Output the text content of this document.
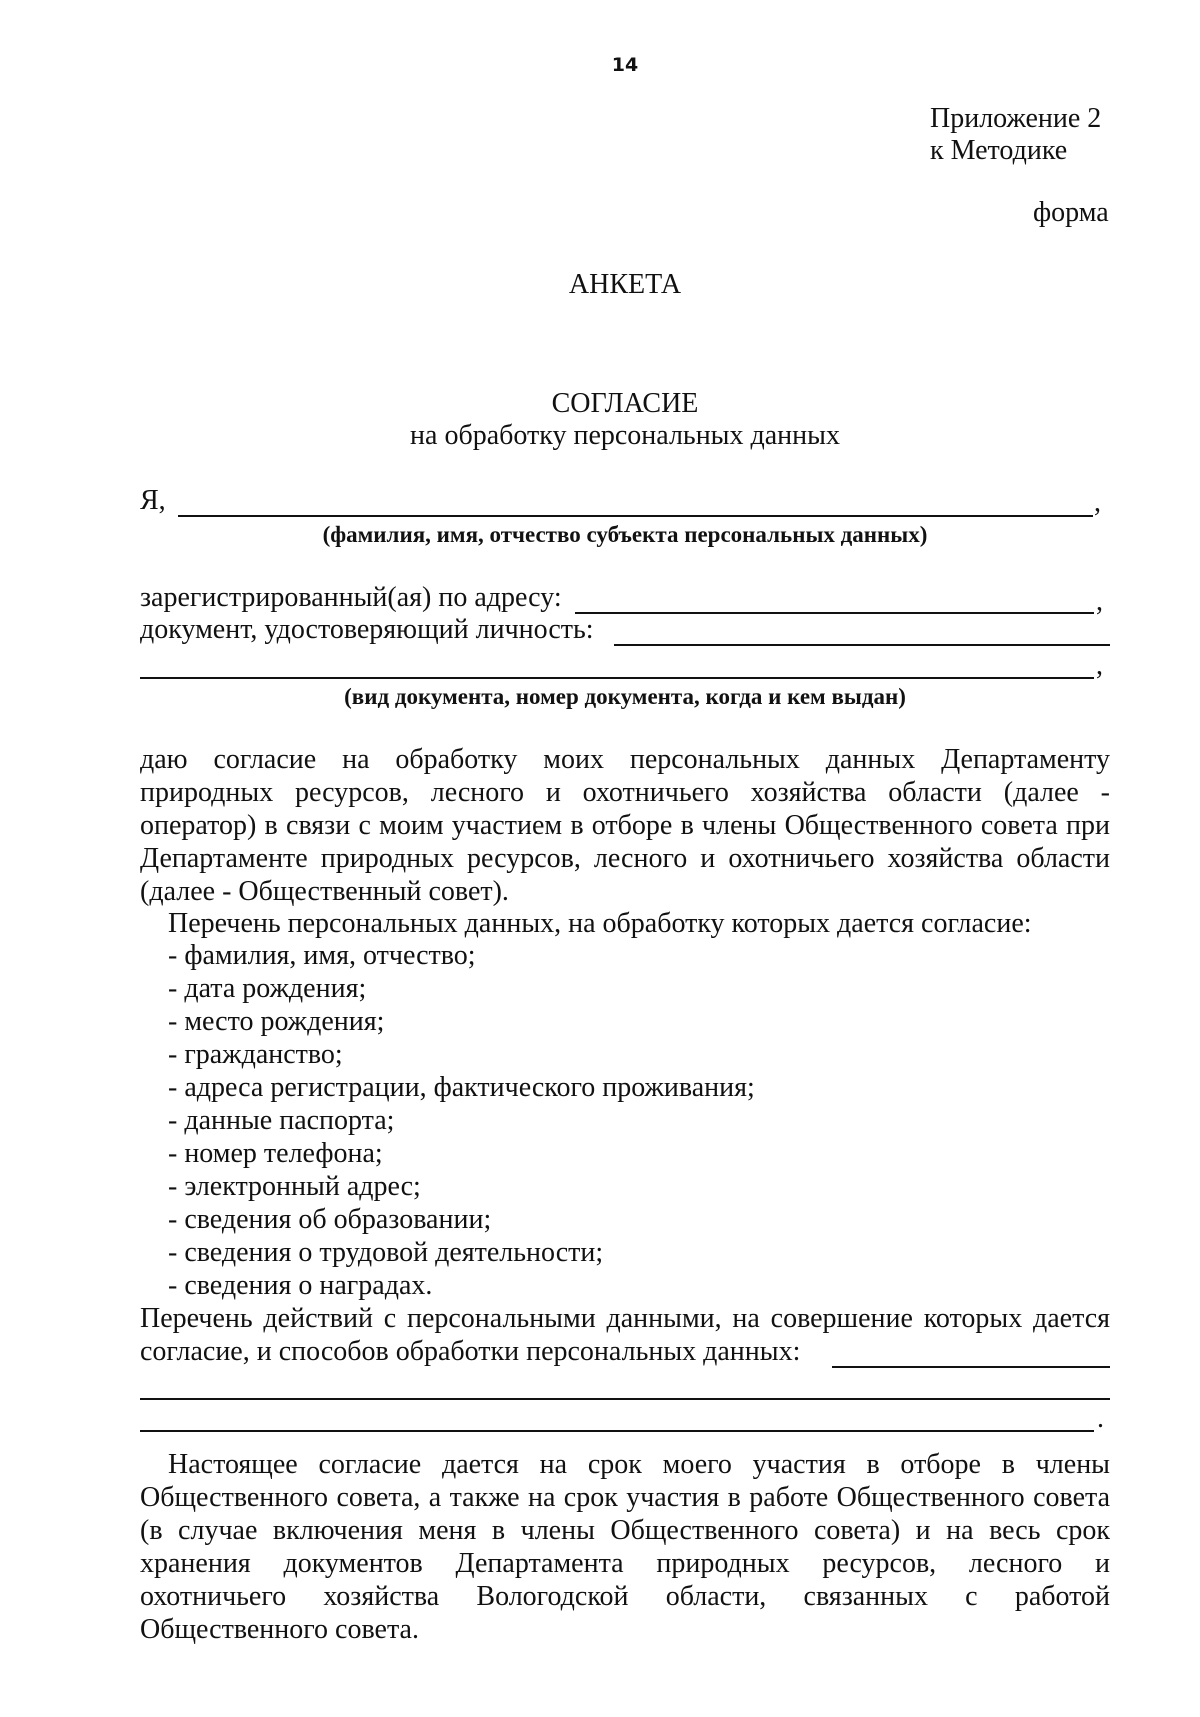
14
Приложение 2
к Методике
форма
АНКЕТА
СОГЛАСИЕ
на обработку персональных данных
Я,	,
(фамилия, имя, отчество субъекта персональных данных)
зарегистрированный(ая) по адресу:	,
документ, удостоверяющий личность:
,
(вид документа, номер документа, когда и кем выдан)
даю согласие на обработку моих персональных данных Департаменту
природных ресурсов, лесного и охотничьего хозяйства области (далее -
оператор) в связи с моим участием в отборе в члены Общественного совета при
Департаменте природных ресурсов, лесного и охотничьего хозяйства области
(далее - Общественный совет).
Перечень персональных данных, на обработку которых дается согласие:
- фамилия, имя, отчество;
- дата рождения;
- место рождения;
- гражданство;
- адреса регистрации, фактического проживания;
- данные паспорта;
- номер телефона;
- электронный адрес;
- сведения об образовании;
- сведения о трудовой деятельности;
- сведения о наградах.
Перечень действий с персональными данными, на совершение которых дается
согласие, и способов обработки персональных данных:
.
Настоящее согласие дается на срок моего участия в отборе в члены
Общественного совета, а также на срок участия в работе Общественного совета
(в случае включения меня в члены Общественного совета) и на весь срок
хранения документов Департамента природных ресурсов, лесного и
охотничьего хозяйства Вологодской области, связанных с работой
Общественного совета.
